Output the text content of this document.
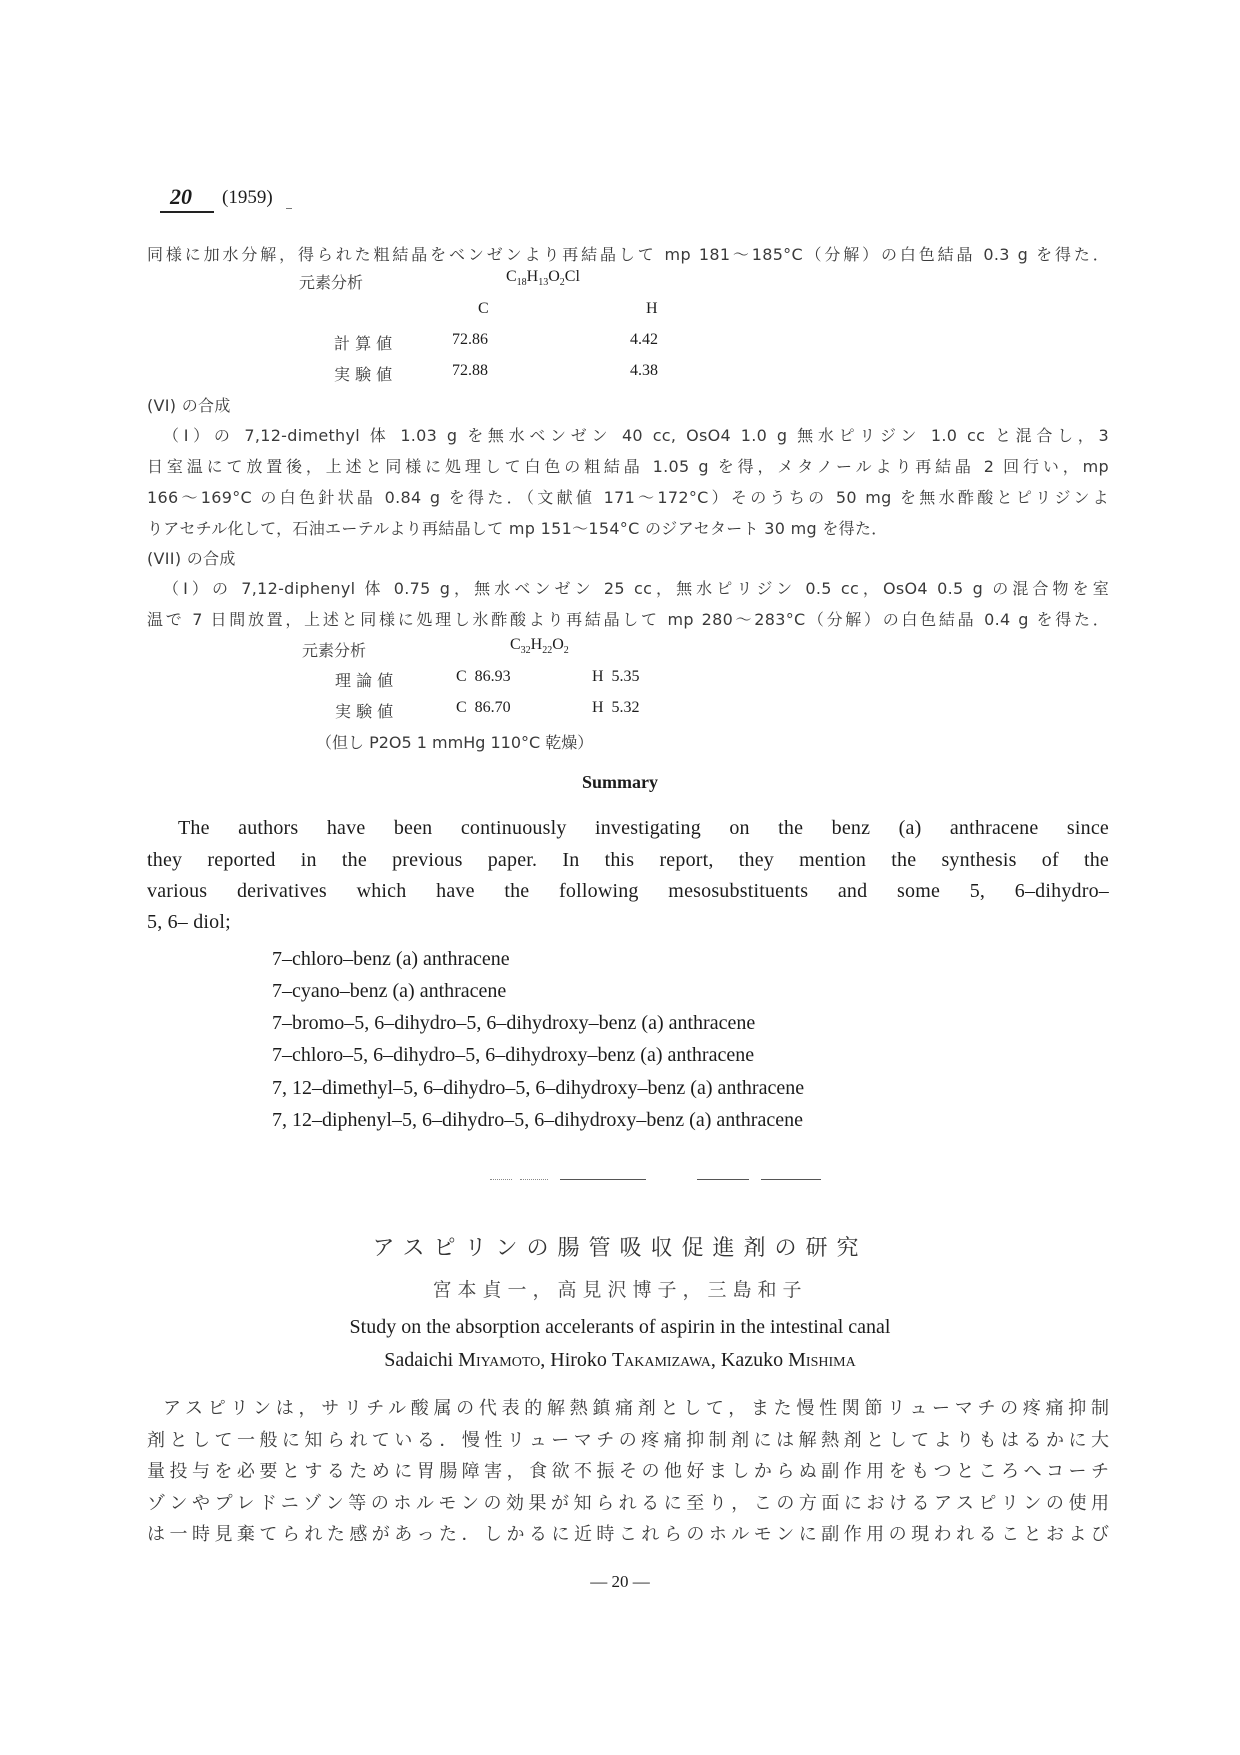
20 (1959)
同様に加水分解，得られた粗結晶をベンゼンより再結晶して mp 181～185°C（分解）の白色結晶 0.3 g を得た．
元素分析	$C_{18}H_{13}O_2Cl$
C	H
計 算 値	72.86	4.42
実 験 値	72.88	4.38
(VI) の合成
（I）の 7,12-dimethyl 体 1.03 g を無水ベンゼン 40 cc, OsO4 1.0 g 無水ピリジン 1.0 cc と混合し，3
日室温にて放置後，上述と同様に処理して白色の粗結晶 1.05 g を得，メタノールより再結晶 2 回行い，mp
166～169°C の白色針状晶 0.84 g を得た．（文献値 171～172°C）そのうちの 50 mg を無水酢酸とピリジンよ
りアセチル化して，石油エーテルより再結晶して mp 151～154°C のジアセタート 30 mg を得た．
(VII) の合成
（I）の 7,12-diphenyl 体 0.75 g，無水ベンゼン 25 cc，無水ピリジン 0.5 cc，OsO4 0.5 g の混合物を室
温で 7 日間放置，上述と同様に処理し氷酢酸より再結晶して mp 280～283°C（分解）の白色結晶 0.4 g を得た．
元素分析	$C_{32}H_{22}O_2$
理 論 値	C  86.93	H  5.35
実 験 値	C  86.70	H  5.32
（但し P2O5 1 mmHg 110°C 乾燥）
Summary
The authors have been continuously investigating on the benz (a) anthracene since
they reported in the previous paper. In this report, they mention the synthesis of the
various derivatives which have the following mesosubstituents and some 5, 6–dihydro–
5, 6– diol;
7–chloro–benz (a) anthracene
7–cyano–benz (a) anthracene
7–bromo–5, 6–dihydro–5, 6–dihydroxy–benz (a) anthracene
7–chloro–5, 6–dihydro–5, 6–dihydroxy–benz (a) anthracene
7, 12–dimethyl–5, 6–dihydro–5, 6–dihydroxy–benz (a) anthracene
7, 12–diphenyl–5, 6–dihydro–5, 6–dihydroxy–benz (a) anthracene
アスピリンの腸管吸収促進剤の研究
宮本貞一，高見沢博子，三島和子
Study on the absorption accelerants of aspirin in the intestinal canal
Sadaichi Miyamoto, Hiroko Takamizawa, Kazuko Mishima
アスピリンは，サリチル酸属の代表的解熱鎮痛剤として，また慢性関節リューマチの疼痛抑制
剤として一般に知られている．慢性リューマチの疼痛抑制剤には解熱剤としてよりもはるかに大
量投与を必要とするために胃腸障害，食欲不振その他好ましからぬ副作用をもつところへコーチ
ゾンやプレドニゾン等のホルモンの効果が知られるに至り，この方面におけるアスピリンの使用
は一時見棄てられた感があった．しかるに近時これらのホルモンに副作用の現われることおよび
— 20 —
